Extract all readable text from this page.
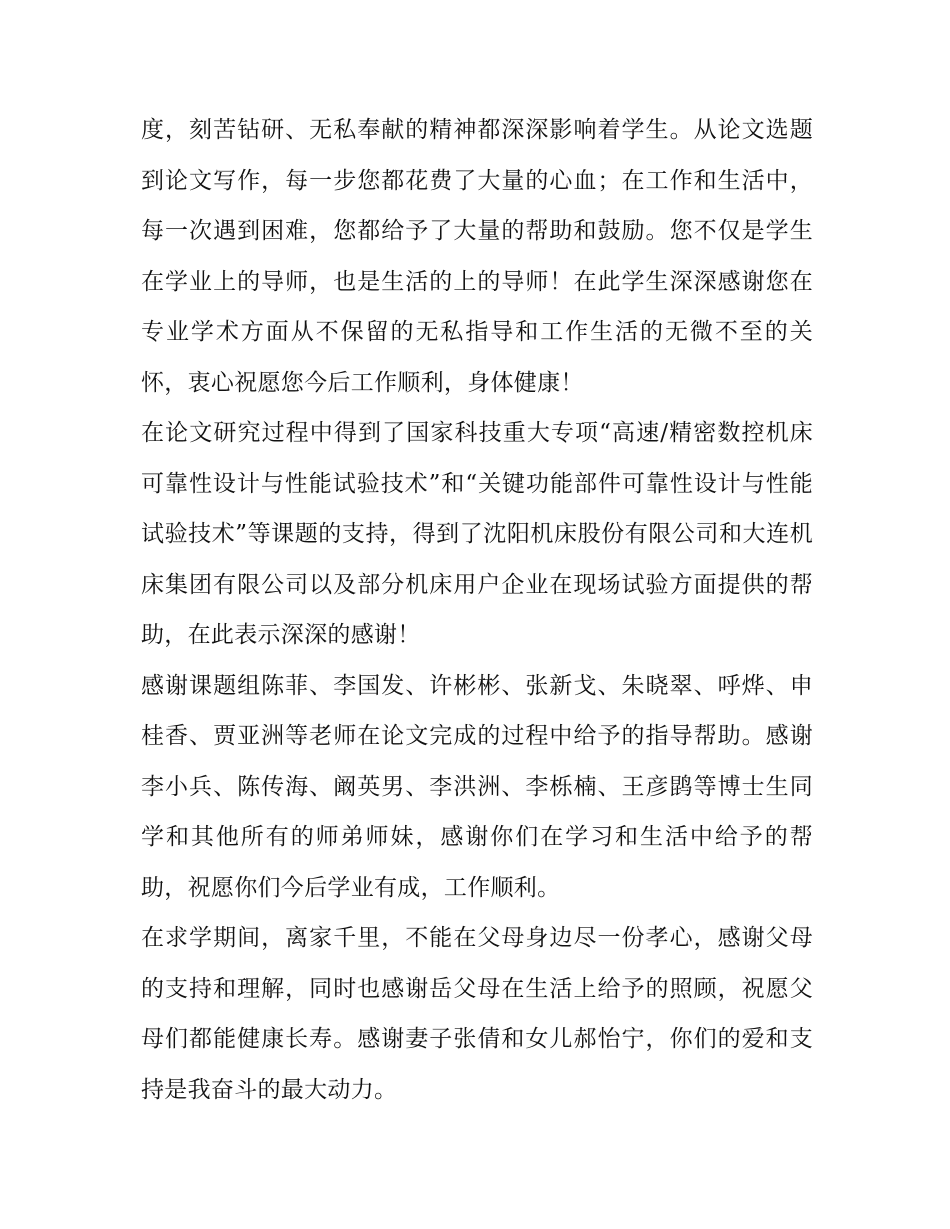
度，刻苦钻研、无私奉献的精神都深深影响着学生。从论文选题到论文写作，每一步您都花费了大量的心血；在工作和生活中，每一次遇到困难，您都给予了大量的帮助和鼓励。您不仅是学生在学业上的导师，也是生活的上的导师！在此学生深深感谢您在专业学术方面从不保留的无私指导和工作生活的无微不至的关怀，衷心祝愿您今后工作顺利，身体健康！

在论文研究过程中得到了国家科技重大专项“高速/精密数控机床可靠性设计与性能试验技术”和“关键功能部件可靠性设计与性能试验技术”等课题的支持，得到了沈阳机床股份有限公司和大连机床集团有限公司以及部分机床用户企业在现场试验方面提供的帮助，在此表示深深的感谢！

感谢课题组陈菲、李国发、许彬彬、张新戈、朱晓翠、呼烨、申桂香、贾亚洲等老师在论文完成的过程中给予的指导帮助。感谢李小兵、陈传海、阚英男、李洪洲、李栎楠、王彦鹍等博士生同学和其他所有的师弟师妹，感谢你们在学习和生活中给予的帮助，祝愿你们今后学业有成，工作顺利。

在求学期间，离家千里，不能在父母身边尽一份孝心，感谢父母的支持和理解，同时也感谢岳父母在生活上给予的照顾，祝愿父母们都能健康长寿。感谢妻子张倩和女儿郝怡宁，你们的爱和支持是我奋斗的最大动力。
